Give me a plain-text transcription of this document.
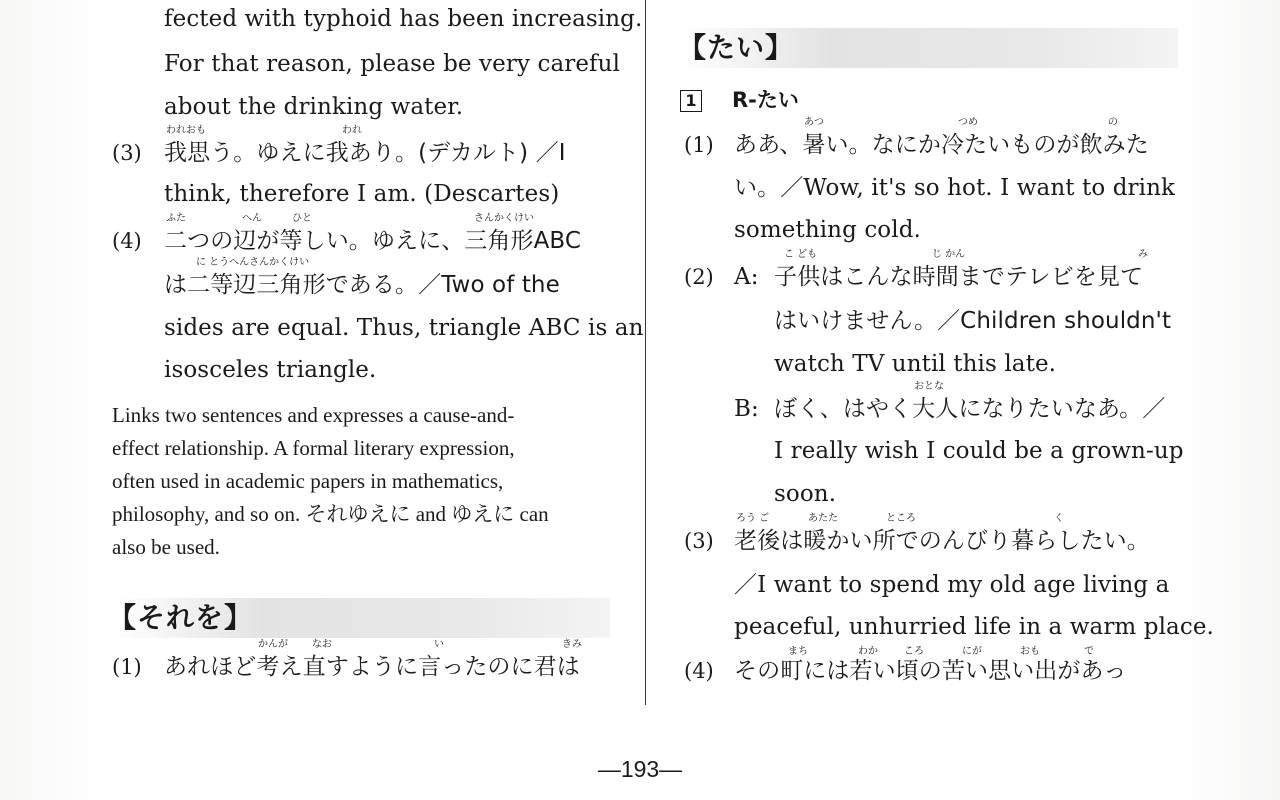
fected with typhoid has been increasing.
For that reason, please be very careful
about the drinking water.
われおも	われ
(3) 我思う。ゆえに我あり。(デカルト) ／I
think, therefore I am. (Descartes)
ふた	へん	ひと	さんかくけい
(4) 二つの辺が等しい。ゆえに、三角形ABC
に とうへんさんかくけい
は二等辺三角形である。／Two of the
sides are equal. Thus, triangle ABC is an
isosceles triangle.
Links two sentences and expresses a cause-and-
effect relationship. A formal literary expression,
often used in academic papers in mathematics,
philosophy, and so on. それゆえに and ゆえに can
also be used.
【それを】
かんが なお	い	きみ
(1) あれほど考え直すように言ったのに君は
【たい】
1 R-たい
あつ	つめ	の
(1) ああ、暑い。なにか冷たいものが飲みた
い。／Wow, it's so hot. I want to drink
something cold.
こ ども	じ かん	み
(2) A: 子供はこんな時間までテレビを見て
はいけません。／Children shouldn't
watch TV until this late.
おとな
B: ぼく、はやく大人になりたいなあ。／
I really wish I could be a grown-up
soon.
ろう ご	あたた	ところ	く
(3) 老後は暖かい所でのんびり暮らしたい。
／I want to spend my old age living a
peaceful, unhurried life in a warm place.
まち	わか	ころ	にが	おも	で
(4) その町には若い頃の苦い思い出があっ
—193—
